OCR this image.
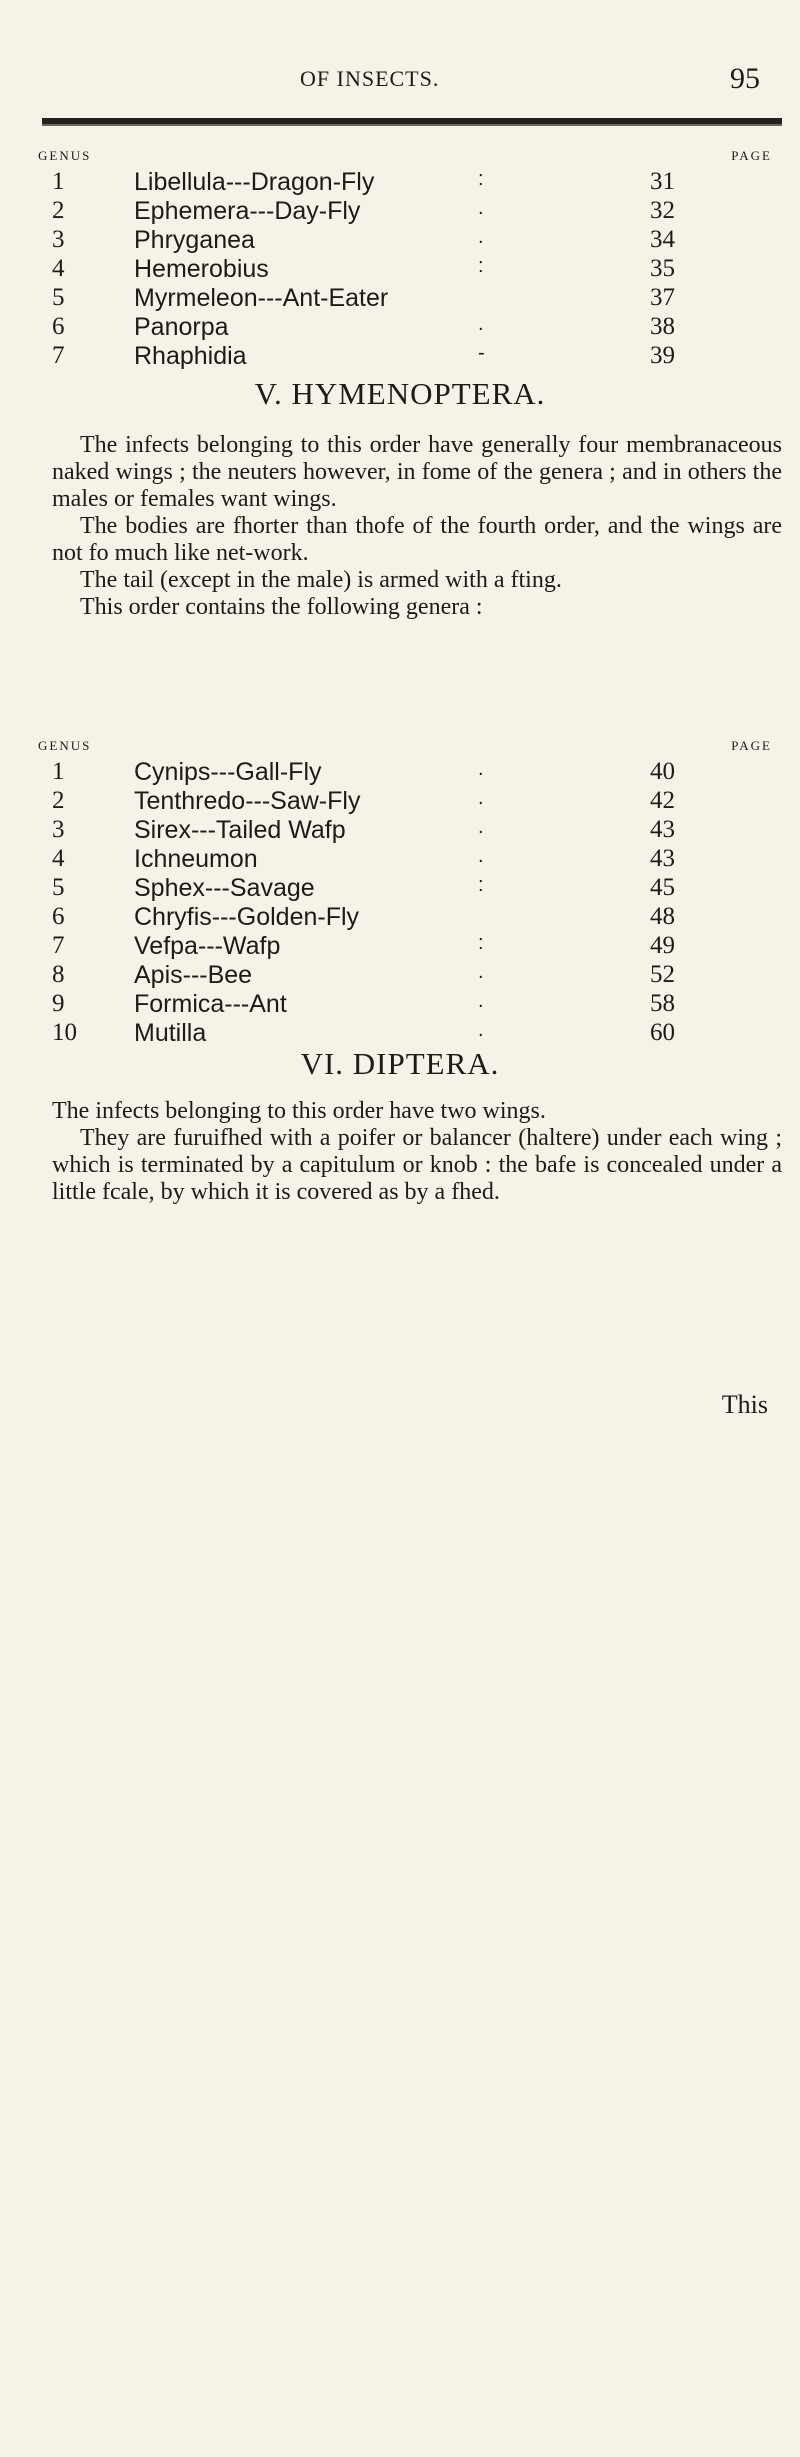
OF INSECTS.	95
GENUS	PAGE
1	Libellula---Dragon-Fly	:	31
2	Ephemera---Day-Fly	.	32
3	Phryganea	.	34
4	Hemerobius	:	35
5	Myrmeleon---Ant-Eater	37
6	Panorpa	.	38
7	Rhaphidia	-	39
V. HYMENOPTERA.

The infects belonging to this order have generally four membranaceous naked wings ; the neuters however, in fome of the genera ; and in others the males or females want wings.

The bodies are fhorter than thofe of the fourth order, and the wings are not fo much like net-work.

The tail (except in the male) is armed with a fting.

This order contains the following genera :

GENUS	PAGE
1	Cynips---Gall-Fly	.	40
2	Tenthredo---Saw-Fly	.	42
3	Sirex---Tailed Wafp	.	43
4	Ichneumon	.	43
5	Sphex---Savage	:	45
6	Chryfis---Golden-Fly	48
7	Vefpa---Wafp	:	49
8	Apis---Bee	.	52
9	Formica---Ant	.	58
10 Mutilla	.	60
VI. DIPTERA.

The infects belonging to this order have two wings.

They are furuifhed with a poifer or balancer (haltere) under each wing ; which is terminated by a capitulum or knob : the bafe is concealed under a little fcale, by which it is covered as by a fhed.

This
